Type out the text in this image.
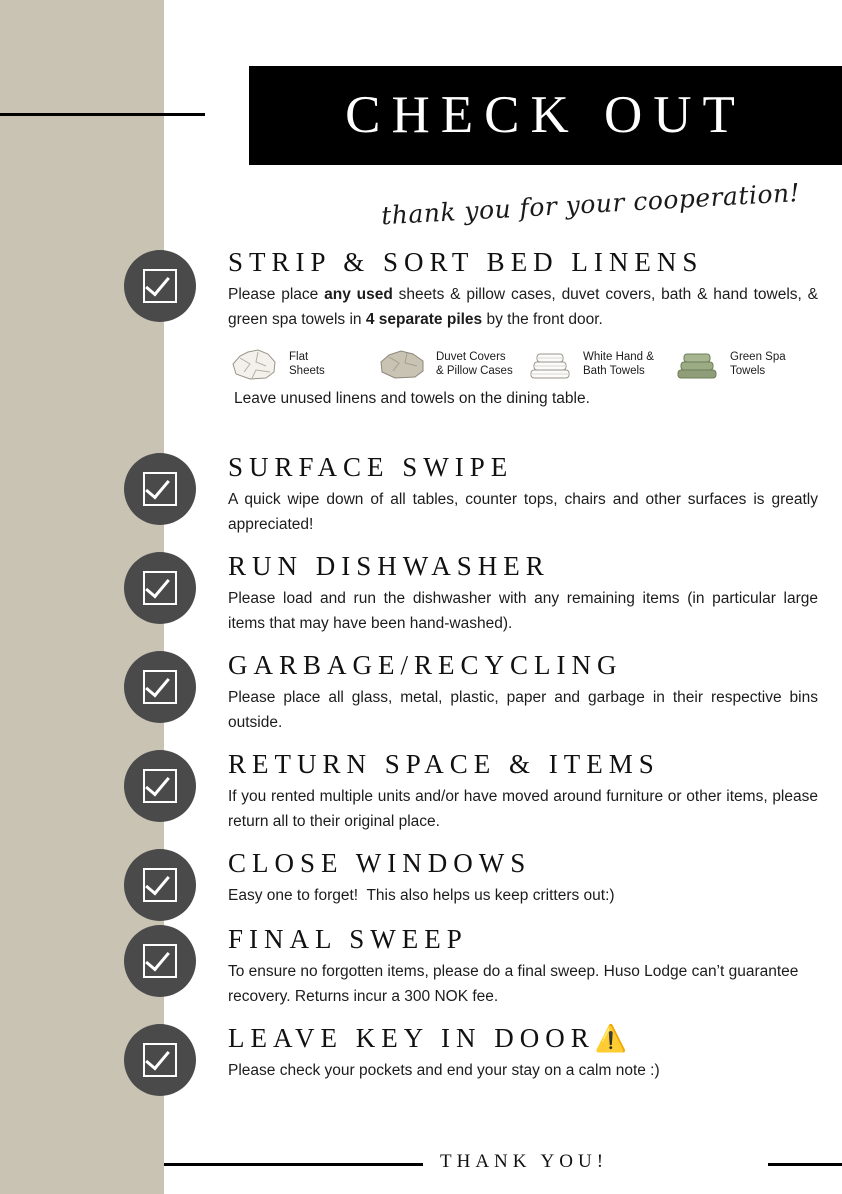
CHECK OUT
thank you for your cooperation!
STRIP & SORT BED LINENS

Please place any used sheets & pillow cases, duvet covers, bath & hand towels, & green spa towels in 4 separate piles by the front door.

Flat
Sheets
Duvet Covers
& Pillow Cases
White Hand &
Bath Towels
Green Spa
Towels
Leave unused linens and towels on the dining table.
SURFACE SWIPE

A quick wipe down of all tables, counter tops, chairs and other surfaces is greatly appreciated!

RUN DISHWASHER

Please load and run the dishwasher with any remaining items (in particular large items that may have been hand-washed).

GARBAGE/RECYCLING

Please place all glass, metal, plastic, paper and garbage in their respective bins outside.

RETURN SPACE & ITEMS

If you rented multiple units and/or have moved around furniture or other items, please return all to their original place.

CLOSE WINDOWS

Easy one to forget!  This also helps us keep critters out:)

FINAL SWEEP

To ensure no forgotten items, please do a final sweep. Huso Lodge can’t guarantee recovery. Returns incur a 300 NOK fee.

LEAVE KEY IN DOOR⚠️

Please check your pockets and end your stay on a calm note :)

THANK YOU!
